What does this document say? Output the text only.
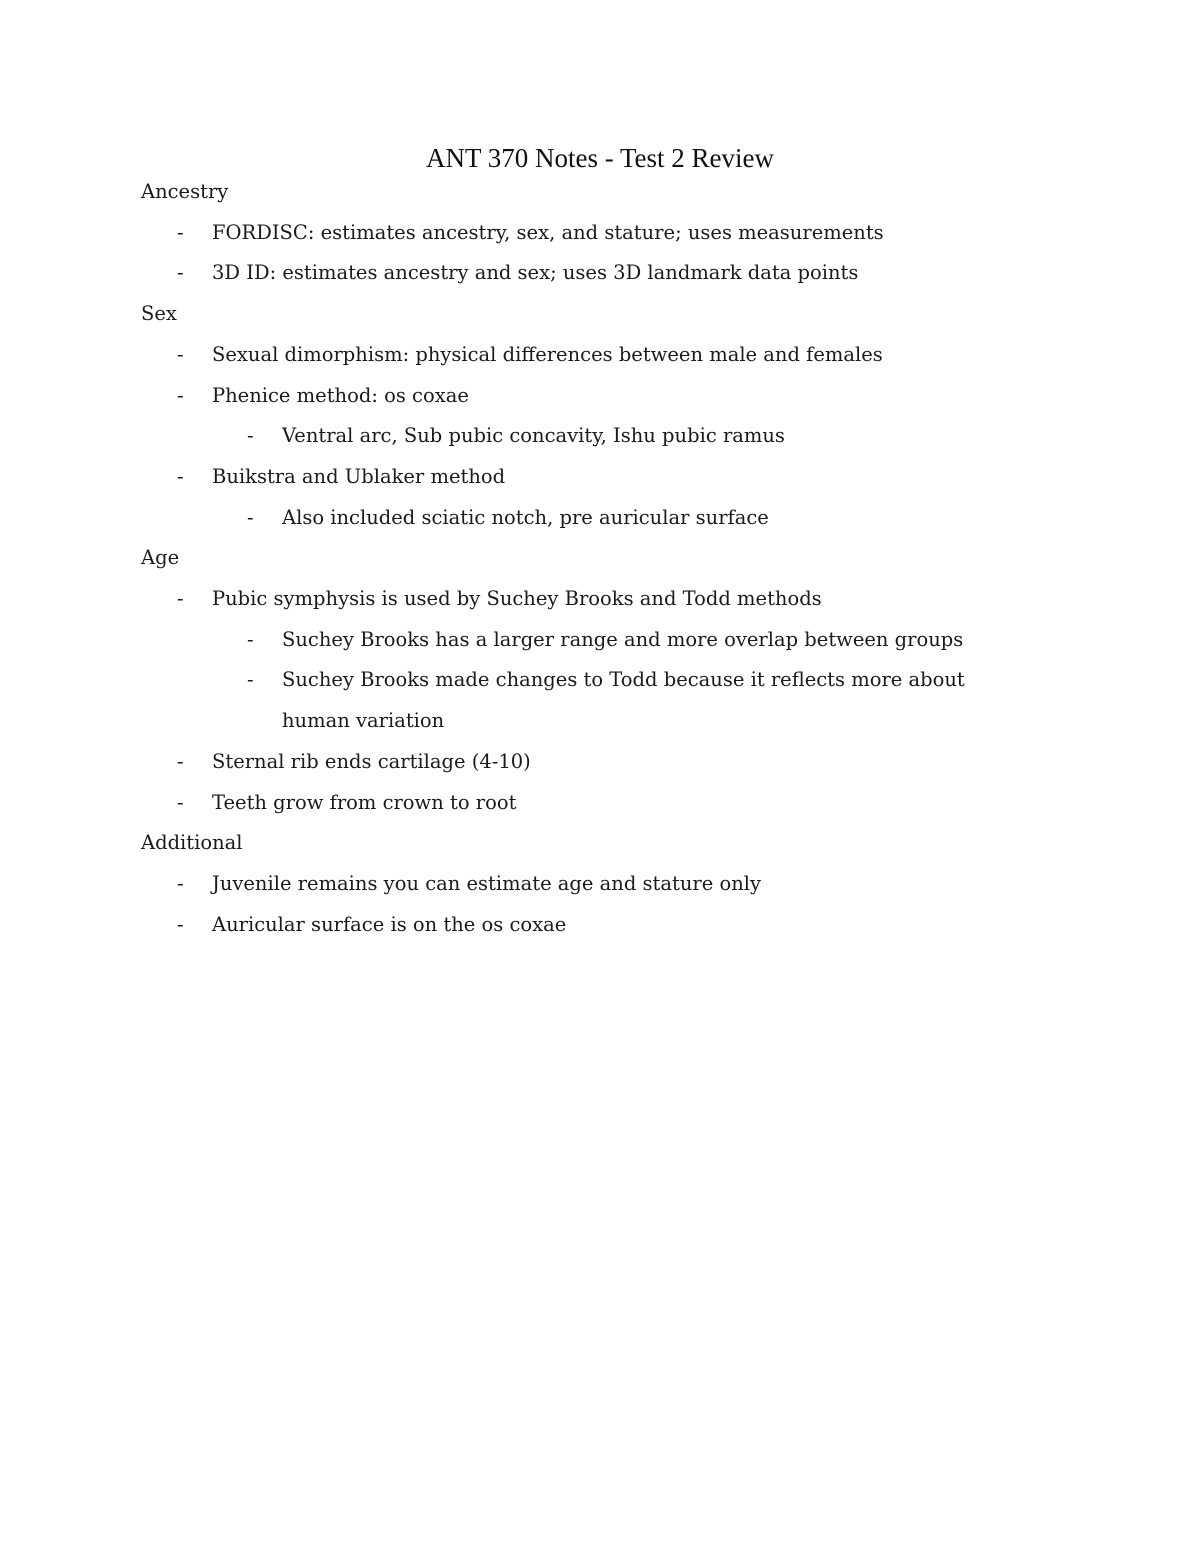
ANT 370 Notes - Test 2 Review
Ancestry
- FORDISC: estimates ancestry, sex, and stature; uses measurements
- 3D ID: estimates ancestry and sex; uses 3D landmark data points
Sex
- Sexual dimorphism: physical differences between male and females
- Phenice method: os coxae
- Ventral arc, Sub pubic concavity, Ishu pubic ramus
- Buikstra and Ublaker method
- Also included sciatic notch, pre auricular surface
Age
- Pubic symphysis is used by Suchey Brooks and Todd methods
- Suchey Brooks has a larger range and more overlap between groups
- Suchey Brooks made changes to Todd because it reflects more about human variation
- Sternal rib ends cartilage (4-10)
- Teeth grow from crown to root
Additional
- Juvenile remains you can estimate age and stature only
- Auricular surface is on the os coxae
